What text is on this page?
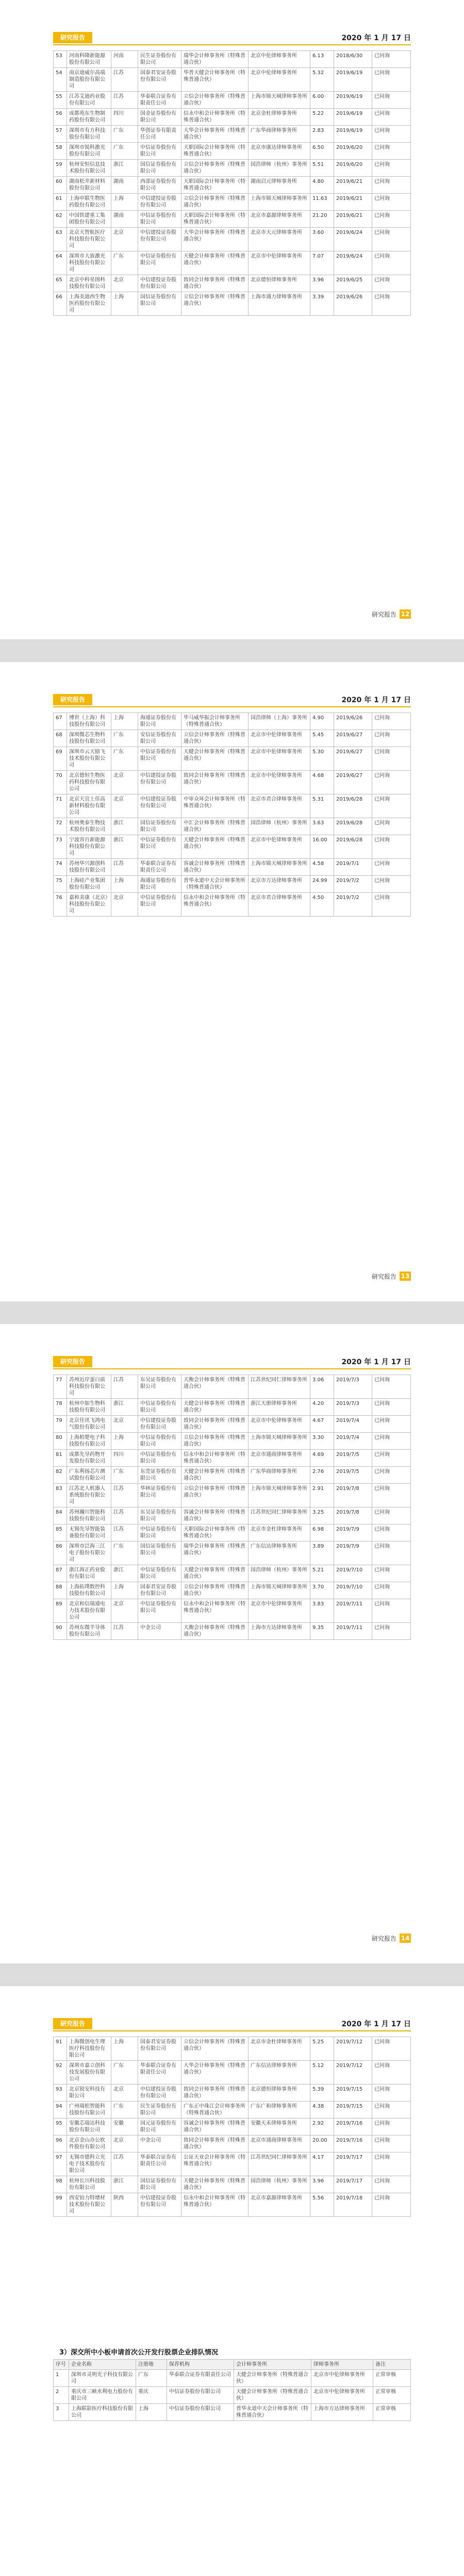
研究报告	2020 年 1 月 17 日
53	河南科隆新能源股份有限公司	河南	民生证券股份有限公司	瑞华会计师事务所（特殊普通合伙）	北京中伦律师事务所	6.13	2018/6/30	已问询
54	南京迪威尔高端制造股份有限公司	江苏	国泰君安证券股份有限公司	华普天健会计师事务所（特殊普通合伙）	北京中伦律师事务所	5.32	2019/6/19	已问询
55	江苏艾迪药业股份有限公司	江苏	华泰联合证券有限责任公司	立信会计师事务所（特殊普通合伙）	上海市锦天城律师事务所	6.00	2019/6/19	已问询
56	成都苑东生物制药股份有限公司	四川	国金证券股份有限公司	信永中和会计师事务所（特殊普通合伙）	北京金杜律师事务所	5.22	2019/6/19	已问询
57	深圳市有方科技股份有限公司	广东	华创证券有限责任公司	大华会计师事务所（特殊普通合伙）	广东华商律师事务所	2.83	2019/6/19	已问询
58	深圳市锐科激光股份有限公司	广东	中信证券股份有限公司	天职国际会计师事务所（特殊普通合伙）	北京市康达律师事务所	6.50	2019/6/20	已问询
59	杭州安恒信息技术股份有限公司	浙江	国信证券股份有限公司	立信会计师事务所（特殊普通合伙）	国浩律师（杭州）事务所	5.51	2019/6/20	已问询
60	湖南松井新材料股份有限公司	湖南	西部证券股份有限公司	天职国际会计师事务所（特殊普通合伙）	湖南启元律师事务所	4.80	2019/6/21	已问询
61	上海申联生物医药股份有限公司	上海	中信建投证券股份有限公司	立信会计师事务所（特殊普通合伙）	上海市锦天城律师事务所	11.63	2019/6/21	已问询
62	中国铁建重工集团股份有限公司	湖南	中信证券股份有限公司	天职国际会计师事务所（特殊普通合伙）	北京市嘉源律师事务所	21.20	2019/6/21	已问询
63	北京天智航医疗科技股份有限公司	北京	中信建投证券股份有限公司	大华会计师事务所（特殊普通合伙）	北京市天元律师事务所	3.60	2019/6/24	已问询
64	深圳市大族激光科技股份有限公司	广东	中信证券股份有限公司	天健会计师事务所（特殊普通合伙）	北京市中伦律师事务所	7.07	2019/6/24	已问询
65	北京中科星图科技股份有限公司	北京	中信建投证券股份有限公司	致同会计师事务所（特殊普通合伙）	北京德恒律师事务所	3.96	2019/6/25	已问询
66	上海美迪西生物医药股份有限公司	上海	国信证券股份有限公司	立信会计师事务所（特殊普通合伙）	上海市通力律师事务所	3.39	2019/6/26	已问询
研究报告 12
研究报告	2020 年 1 月 17 日
67	博世（上海）科技股份有限公司	上海	海通证券股份有限公司	毕马威华振会计师事务所（特殊普通合伙）	国浩律师（上海）事务所	4.90	2019/6/26	已问询
68	深圳微芯生物科技股份有限公司	广东	安信证券股份有限公司	立信会计师事务所（特殊普通合伙）	北京市中伦律师事务所	5.45	2019/6/27	已问询
69	深圳市云天励飞技术股份有限公司	广东	中信证券股份有限公司	天健会计师事务所（特殊普通合伙）	北京市中伦律师事务所	5.30	2019/6/27	已问询
70	北京德恒生物医药科技股份有限公司	北京	中信建投证券股份有限公司	致同会计师事务所（特殊普通合伙）	北京市中伦律师事务所	4.68	2019/6/27	已问询
71	北京天宜上佳高新材料股份有限公司	北京	中信建投证券股份有限公司	中审众环会计师事务所（特殊普通合伙）	北京市君合律师事务所	5.31	2019/6/28	已问询
72	杭州奥泰生物技术股份有限公司	浙江	国信证券股份有限公司	中汇会计师事务所（特殊普通合伙）	国浩律师（杭州）事务所	3.63	2019/6/28	已问询
73	宁波容百新能源科技股份有限公司	浙江	中信证券股份有限公司	天健会计师事务所（特殊普通合伙）	北京市中伦律师事务所	16.00	2019/6/28	已问询
74	苏州华兴源创科技股份有限公司	江苏	华泰联合证券有限责任公司	容诚会计师事务所（特殊普通合伙）	上海市锦天城律师事务所	4.58	2019/7/1	已问询
75	上海硅产业集团股份有限公司	上海	海通证券股份有限公司	普华永道中天会计师事务所（特殊普通合伙）	北京市方达律师事务所	24.99	2019/7/2	已问询
76	嘉和美康（北京）科技股份有限公司	北京	中信证券股份有限公司	信永中和会计师事务所（特殊普通合伙）	北京市君合律师事务所	4.50	2019/7/2	已问询
研究报告 13
研究报告	2020 年 1 月 17 日
77	苏州近岸蛋白质科技股份有限公司	江苏	东吴证券股份有限公司	天衡会计师事务所（特殊普通合伙）	江苏世纪同仁律师事务所	3.06	2019/7/3	已问询
78	杭州中如生物科技股份有限公司	浙江	中信证券股份有限公司	天健会计师事务所（特殊普通合伙）	浙江天册律师事务所	4.20	2019/7/3	已问询
79	北京佳讯飞鸿电气股份有限公司	北京	中信建投证券股份有限公司	致同会计师事务所（特殊普通合伙）	北京市中伦律师事务所	4.67	2019/7/4	已问询
80	上海柏楚电子科技股份有限公司	上海	中信证券股份有限公司	立信会计师事务所（特殊普通合伙）	上海市锦天城律师事务所	3.30	2019/7/4	已问询
81	成都先导药物开发股份有限公司	四川	中信证券股份有限公司	信永中和会计师事务所（特殊普通合伙）	北京市通商律师事务所	4.69	2019/7/5	已问询
82	广东利扬芯片测试股份有限公司	广东	东莞证券股份有限公司	天健会计师事务所（特殊普通合伙）	广东华商律师事务所	2.76	2019/7/5	已问询
83	江苏北人机器人系统股份有限公司	江苏	华林证券股份有限公司	立信会计师事务所（特殊普通合伙）	上海市锦天城律师事务所	2.91	2019/7/8	已问询
84	苏州瀚川智能科技股份有限公司	江苏	东吴证券股份有限公司	容诚会计师事务所（特殊普通合伙）	江苏世纪同仁律师事务所	3.25	2019/7/8	已问询
85	无锡先导智能装备股份有限公司	江苏	中信证券股份有限公司	天职国际会计师事务所（特殊普通合伙）	北京市金杜律师事务所	6.98	2019/7/9	已问询
86	深圳市泛海三江电子股份有限公司	广东	国信证券股份有限公司	瑞华会计师事务所（特殊普通合伙）	广东信达律师事务所	3.89	2019/7/9	已问询
87	浙江海正药业股份有限公司	浙江	中信证券股份有限公司	天健会计师事务所（特殊普通合伙）	国浩律师（杭州）事务所	5.21	2019/7/10	已问询
88	上海拓璞数控科技股份有限公司	上海	国泰君安证券股份有限公司	立信会计师事务所（特殊普通合伙）	上海市锦天城律师事务所	3.70	2019/7/10	已问询
89	北京和信瑞通电力技术股份有限公司	北京	中信证券股份有限公司	信永中和会计师事务所（特殊普通合伙）	北京市中伦律师事务所	3.83	2019/7/11	已问询
90	苏州东微半导体股份有限公司	江苏	中金公司	天衡会计师事务所（特殊普通合伙）	上海市方达律师事务所	9.35	2019/7/11	已问询
研究报告 14
研究报告	2020 年 1 月 17 日
91	上海微创电生理医疗科技股份有限公司	上海	国泰君安证券股份有限公司	立信会计师事务所（特殊普通合伙）	北京市金杜律师事务所	5.25	2019/7/12	已问询
92	深圳市嘉立创科技发展股份有限公司	广东	华泰联合证券有限责任公司	大华会计师事务所（特殊普通合伙）	广东信达律师事务所	5.12	2019/7/12	已问询
93	北京锐安科技有限公司	北京	中信建投证券股份有限公司	致同会计师事务所（特殊普通合伙）	北京德恒律师事务所	5.39	2019/7/15	已问询
94	广州瑞松智能科技股份有限公司	广东	民生证券股份有限公司	广东正中珠江会计师事务所（特殊普通合伙）	广东广和律师事务所	4.38	2019/7/15	已问询
95	安徽芯瑞达科技股份有限公司	安徽	国元证券股份有限公司	容诚会计师事务所（特殊普通合伙）	安徽天禾律师事务所	2.92	2019/7/16	已问询
96	北京金山办公软件股份有限公司	北京	中金公司	致同会计师事务所（特殊普通合伙）	北京市通商律师事务所	20.00	2019/7/16	已问询
97	无锡市德科立光电子技术股份有限公司	江苏	华泰联合证券有限责任公司	公证天业会计师事务所（特殊普通合伙）	江苏世纪同仁律师事务所	4.17	2019/7/17	已问询
98	杭州长川科技股份有限公司	浙江	国信证券股份有限公司	天健会计师事务所（特殊普通合伙）	国浩律师（杭州）事务所	3.96	2019/7/17	已问询
99	西安铂力特增材技术股份有限公司	陕西	中信建投证券股份有限公司	信永中和会计师事务所（特殊普通合伙）	北京市嘉源律师事务所	5.56	2019/7/18	已问询
3）深交所中小板申请首次公开发行股票企业排队情况
序号	企业名称	注册地	保荐机构	会计师事务所	律师事务所	备注
1	深圳市灵明光子科技有限公司	广东	华泰联合证券有限责任公司	天健会计师事务所（特殊普通合伙）	北京市中伦律师事务所	正常审核
2	重庆市三峡水利电力股份有限公司	重庆	中信证券股份有限公司	天健会计师事务所（特殊普通合伙）	北京市中伦律师事务所	正常审核
3	上海联影医疗科技股份有限公司	上海	中信证券股份有限公司	普华永道中天会计师事务所（特殊普通合伙）	上海市方达律师事务所	正常审核
